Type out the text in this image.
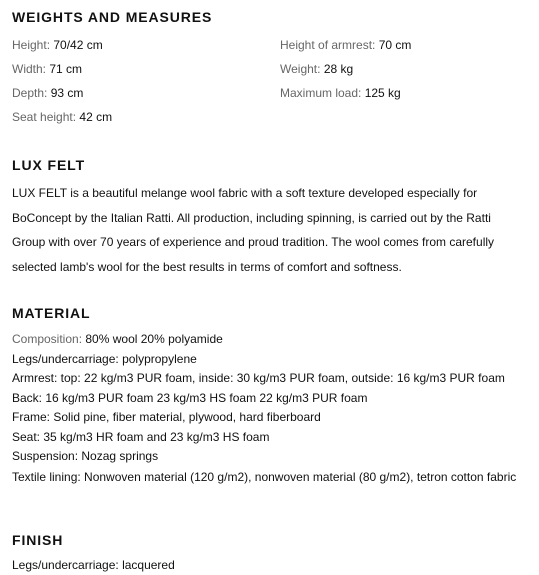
WEIGHTS AND MEASURES
Height: 70/42 cm
Width: 71 cm
Depth: 93 cm
Seat height: 42 cm
Height of armrest: 70 cm
Weight: 28 kg
Maximum load: 125 kg
LUX FELT

LUX FELT is a beautiful melange wool fabric with a soft texture developed especially for BoConcept by the Italian Ratti. All production, including spinning, is carried out by the Ratti Group with over 70 years of experience and proud tradition. The wool comes from carefully selected lamb's wool for the best results in terms of comfort and softness.

MATERIAL
Composition: 80% wool 20% polyamide
Legs/undercarriage: polypropylene
Armrest: top: 22 kg/m3 PUR foam, inside: 30 kg/m3 PUR foam, outside: 16 kg/m3 PUR foam
Back: 16 kg/m3 PUR foam 23 kg/m3 HS foam 22 kg/m3 PUR foam
Frame: Solid pine, fiber material, plywood, hard fiberboard
Seat: 35 kg/m3 HR foam and 23 kg/m3 HS foam
Suspension: Nozag springs
Textile lining: Nonwoven material (120 g/m2), nonwoven material (80 g/m2), tetron cotton fabric
FINISH
Legs/undercarriage: lacquered
